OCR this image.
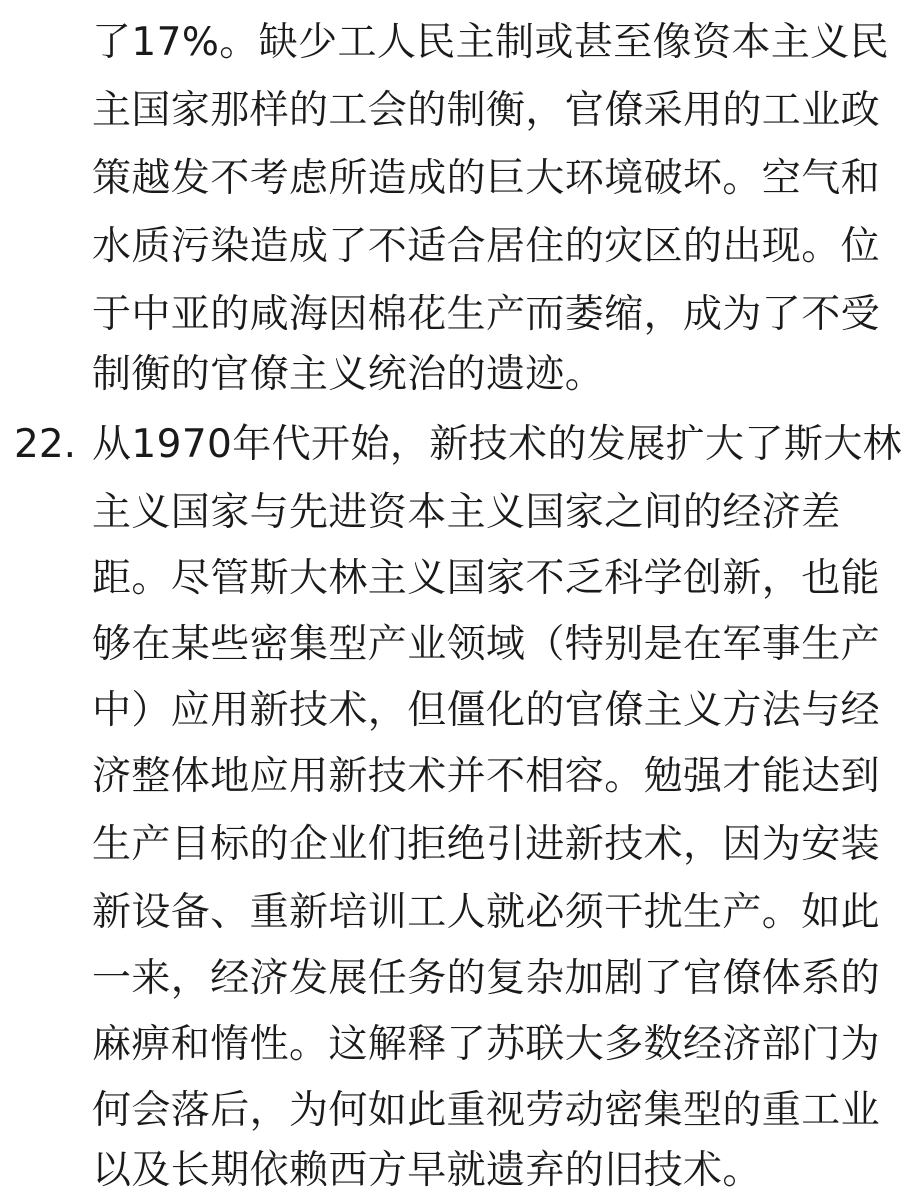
了17%。缺少工人民主制或甚至像资本主义民
主国家那样的工会的制衡，官僚采用的工业政
策越发不考虑所造成的巨大环境破坏。空气和
水质污染造成了不适合居住的灾区的出现。位
于中亚的咸海因棉花生产而萎缩，成为了不受
制衡的官僚主义统治的遗迹。
22. 从1970年代开始，新技术的发展扩大了斯大林
主义国家与先进资本主义国家之间的经济差
距。尽管斯大林主义国家不乏科学创新，也能
够在某些密集型产业领域（特别是在军事生产
中）应用新技术，但僵化的官僚主义方法与经
济整体地应用新技术并不相容。勉强才能达到
生产目标的企业们拒绝引进新技术，因为安装
新设备、重新培训工人就必须干扰生产。如此
一来，经济发展任务的复杂加剧了官僚体系的
麻痹和惰性。这解释了苏联大多数经济部门为
何会落后，为何如此重视劳动密集型的重工业
以及长期依赖西方早就遗弃的旧技术。
